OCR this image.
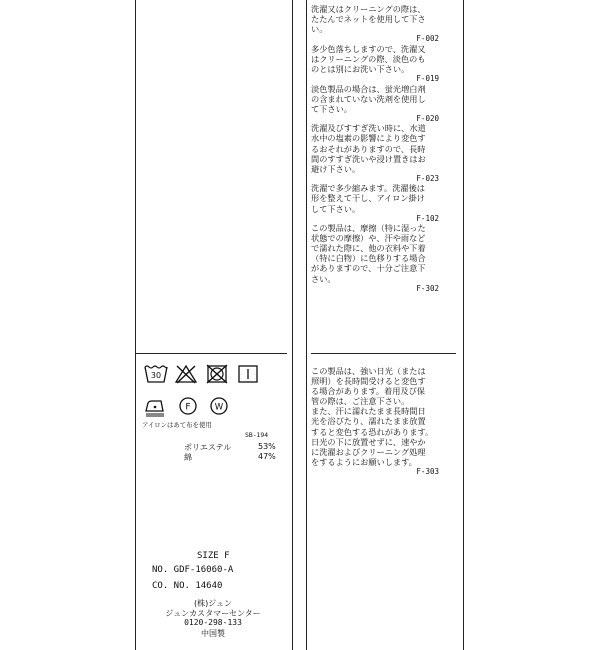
洗濯又はクリーニングの際は、
たたんでネットを使用して下さ
い。

F-002

多少色落ちしますので、洗濯又
はクリーニングの際、淡色のも
のとは別にお洗い下さい。

F-019

淡色製品の場合は、蛍光増白剤
の含まれていない洗剤を使用し
て下さい。

F-020

洗濯及びすすぎ洗い時に、水道
水中の塩素の影響により変色す
るおそれがありますので、長時
間のすすぎ洗いや浸け置きはお
避け下さい。

F-023

洗濯で多少縮みます。洗濯後は
形を整えて干し、アイロン掛け
して下さい。

F-102

この製品は、摩擦（特に湿った
状態での摩擦）や、汗や雨など
で濡れた際に、他の衣料や下着
（特に白物）に色移りする場合
がありますので、十分ご注意下
さい。

F-302

この製品は、強い日光（または
照明）を長時間受けると変色す
る場合があります。着用及び保
管の際は、ご注意下さい。
また、汗に濡れたまま長時間日
光を浴びたり、濡れたまま放置
すると変色する恐れがあります。
日光の下に放置せずに、速やか
に洗濯およびクリーニング処理
をするようにお願いします。

F-303

30
F	W
アイロンはあて布を使用
SB-194
ポリエステル	53%
綿	47%
SIZE F
NO. GDF-16060-A
CO. NO. 14640
(株)ジュン
ジュンカスタマーセンター
0120-298-133
中国製
